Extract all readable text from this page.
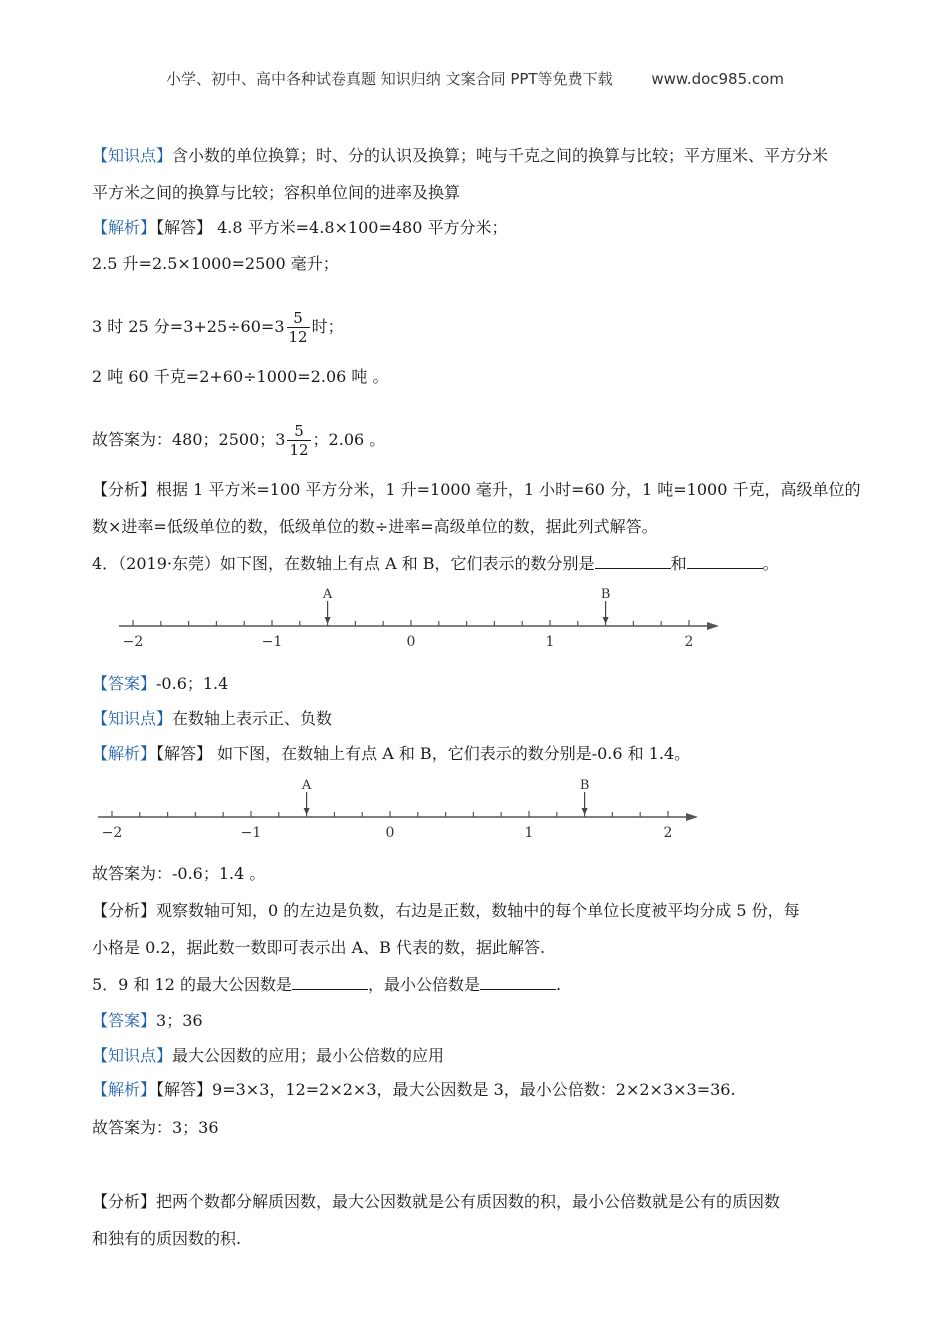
小学、初中、高中各种试卷真题 知识归纳 文案合同 PPT等免费下载	www.doc985.com
【知识点】含小数的单位换算；时、分的认识及换算；吨与千克之间的换算与比较；平方厘米、平方分米
平方米之间的换算与比较；容积单位间的进率及换算
【解析】【解答】 4.8 平方米=4.8×100=480 平方分米；
2.5 升=2.5×1000=2500 毫升；
3 时 25 分$=3+25\div 60=3 \frac{5}{12}$ 时；
2 吨 60 千克=2+60÷1000=2.06 吨 。
故答案为：480；2500；$3 \frac{5}{12}$ ；2.06 。
【分析】根据 1 平方米=100 平方分米，1 升=1000 毫升，1 小时=60 分，1 吨=1000 千克，高级单位的
数×进率=低级单位的数，低级单位的数÷进率=高级单位的数，据此列式解答。
4．（2019·东莞）如下图，在数轴上有点 A 和 B，它们表示的数分别是	和	。
−2	−1	0	1	2
A	B
【答案】-0.6；1.4
【知识点】在数轴上表示正、负数
【解析】【解答】 如下图，在数轴上有点 A 和 B，它们表示的数分别是-0.6 和 1.4。
−2	−1	0	1	2
A	B
故答案为：-0.6；1.4 。
【分析】观察数轴可知，0 的左边是负数，右边是正数，数轴中的每个单位长度被平均分成 5 份，每
小格是 0.2，据此数一数即可表示出 A、B 代表的数，据此解答.
5．9 和 12 的最大公因数是	，最小公倍数是	.
【答案】3；36
【知识点】最大公因数的应用；最小公倍数的应用
【解析】【解答】9=3×3，12=2×2×3，最大公因数是 3，最小公倍数：2×2×3×3=36.
故答案为：3；36
【分析】把两个数都分解质因数，最大公因数就是公有质因数的积，最小公倍数就是公有的质因数
和独有的质因数的积.
